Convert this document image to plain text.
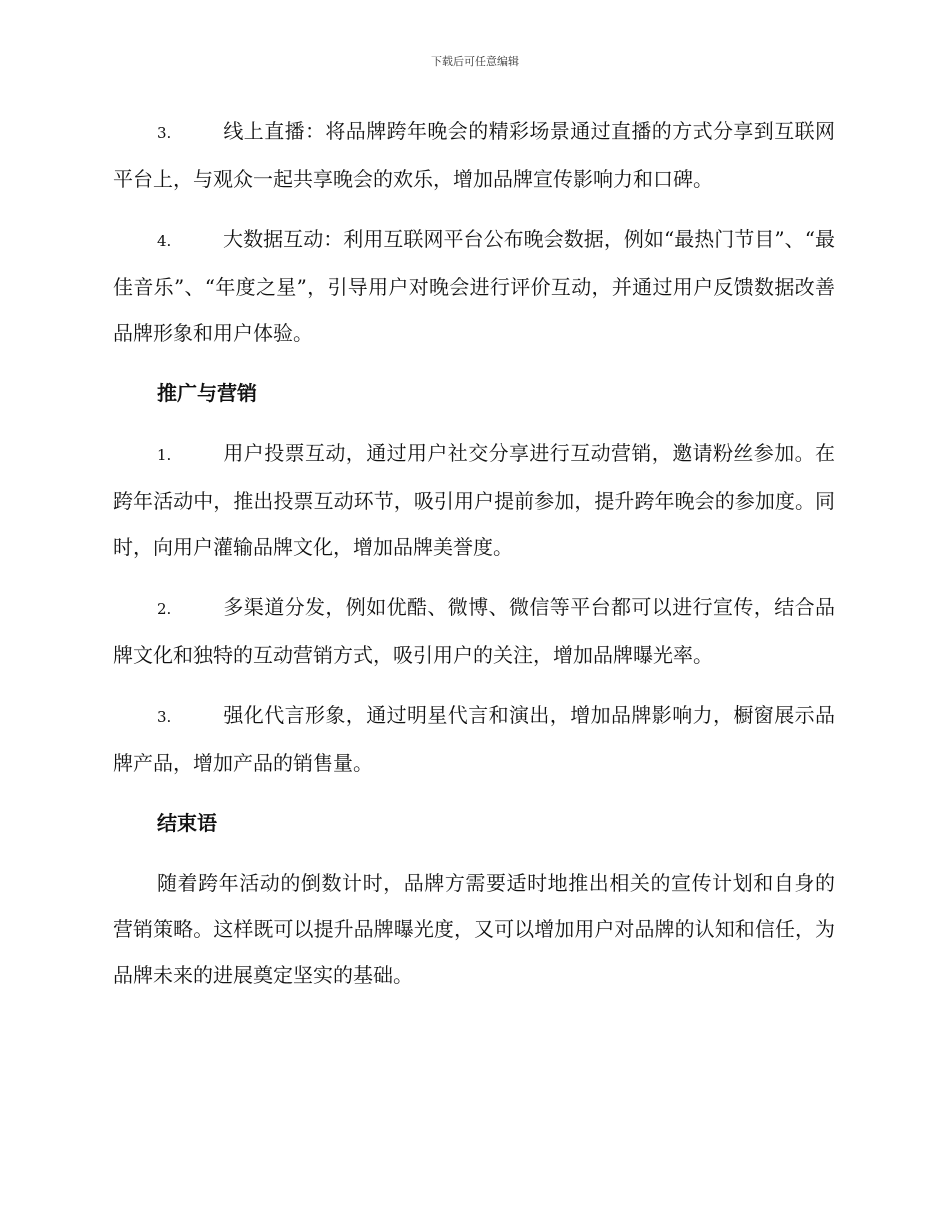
下载后可任意编辑

3.	线上直播：将品牌跨年晚会的精彩场景通过直播的方式分享到互联网平台上，与观众一起共享晚会的欢乐，增加品牌宣传影响力和口碑。

4.	大数据互动：利用互联网平台公布晚会数据，例如“最热门节目”、“最佳音乐”、“年度之星”，引导用户对晚会进行评价互动，并通过用户反馈数据改善品牌形象和用户体验。

推广与营销

1.	用户投票互动，通过用户社交分享进行互动营销，邀请粉丝参加。在跨年活动中，推出投票互动环节，吸引用户提前参加，提升跨年晚会的参加度。同时，向用户灌输品牌文化，增加品牌美誉度。

2.	多渠道分发，例如优酷、微博、微信等平台都可以进行宣传，结合品牌文化和独特的互动营销方式，吸引用户的关注，增加品牌曝光率。

3.	强化代言形象，通过明星代言和演出，增加品牌影响力，橱窗展示品牌产品，增加产品的销售量。

结束语

随着跨年活动的倒数计时，品牌方需要适时地推出相关的宣传计划和自身的营销策略。这样既可以提升品牌曝光度，又可以增加用户对品牌的认知和信任，为品牌未来的进展奠定坚实的基础。
